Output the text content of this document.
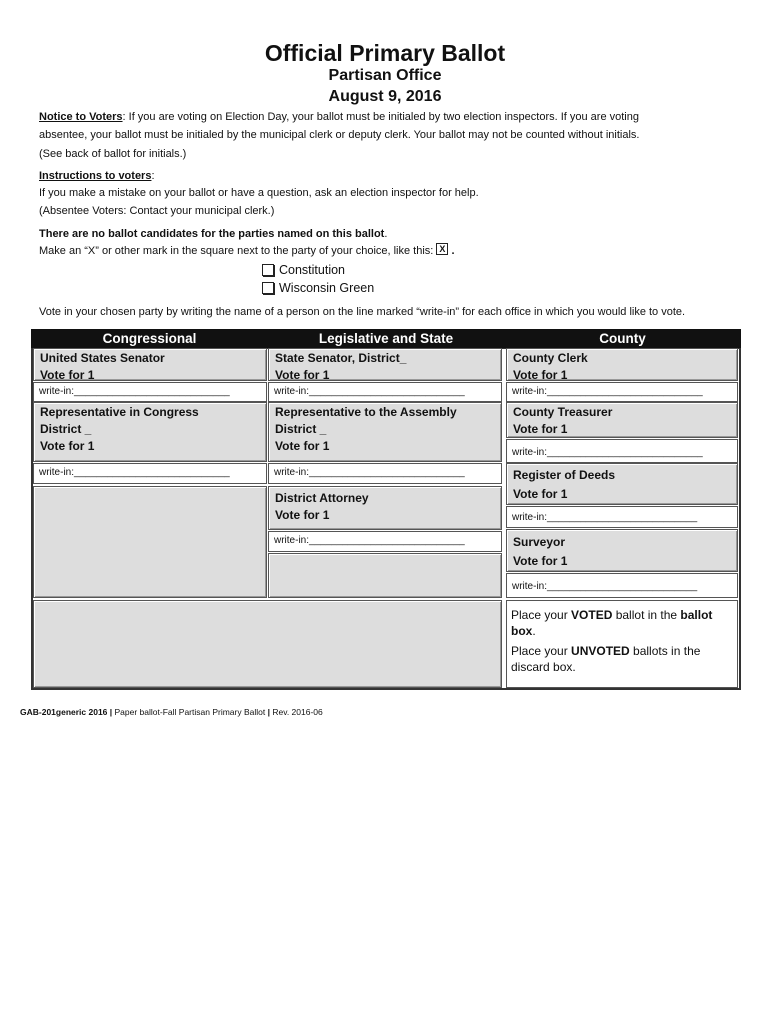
Official Primary Ballot
Partisan Office
August 9, 2016
Notice to Voters: If you are voting on Election Day, your ballot must be initialed by two election inspectors. If you are voting
absentee, your ballot must be initialed by the municipal clerk or deputy clerk. Your ballot may not be counted without initials.
(See back of ballot for initials.)
Instructions to voters:
If you make a mistake on your ballot or have a question, ask an election inspector for help.
(Absentee Voters: Contact your municipal clerk.)
There are no ballot candidates for the parties named on this ballot.
Make an “X” or other mark in the square next to the party of your choice, like this: X .
Constitution
Wisconsin Green
Vote in your chosen party by writing the name of a person on the line marked “write-in” for each office in which you would like to vote.
Congressional	Legislative and State	County
United States Senator
Vote for 1
write-in:____________________________
Representative in Congress
District _
Vote for 1
write-in:____________________________
State Senator, District_
Vote for 1
write-in:____________________________
Representative to the Assembly
District _
Vote for 1
write-in:____________________________
District Attorney
Vote for 1
write-in:____________________________
County Clerk
Vote for 1
write-in:____________________________
County Treasurer
Vote for 1
write-in:____________________________
Register of Deeds
Vote for 1
write-in:___________________________
Surveyor
Vote for 1
write-in:___________________________

Place your VOTED ballot in the ballot box.

Place your UNVOTED ballots in the discard box.

GAB-201generic 2016 | Paper ballot-Fall Partisan Primary Ballot | Rev. 2016-06
